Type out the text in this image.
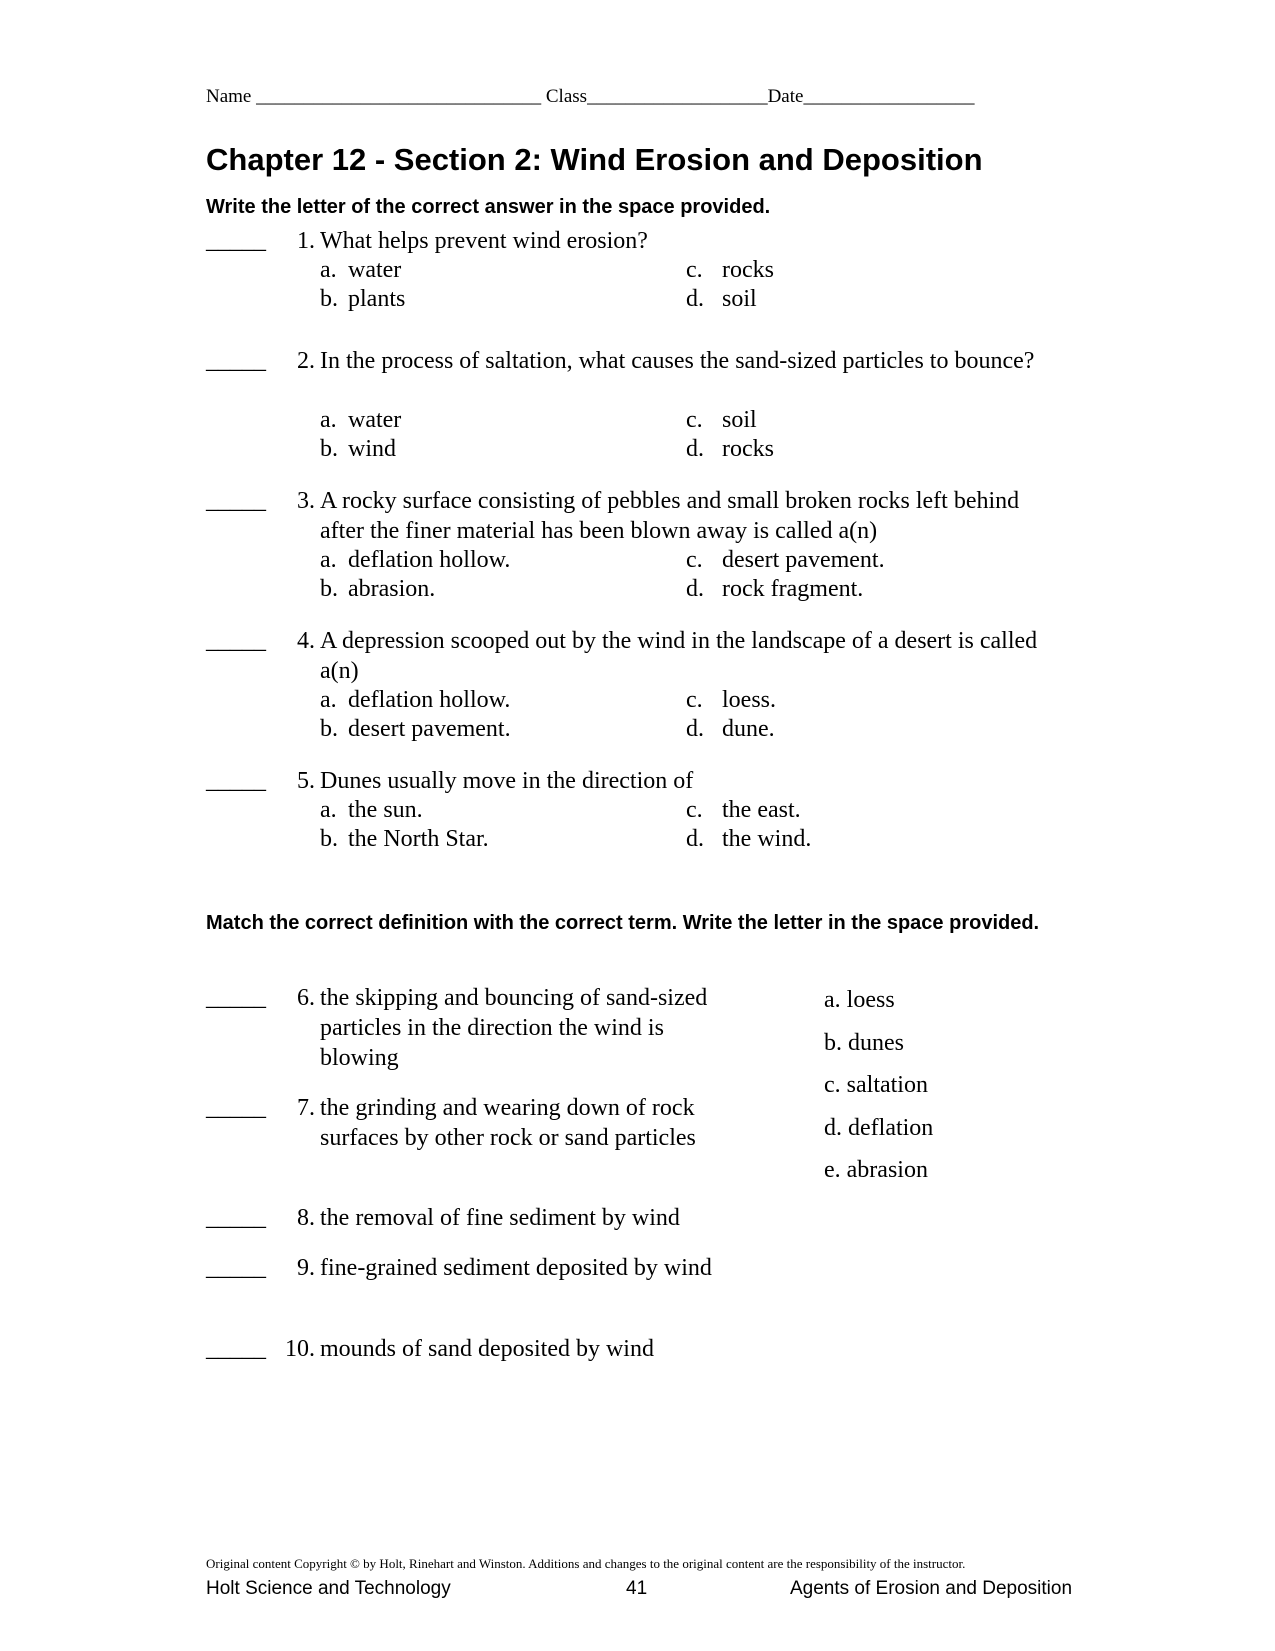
Name ______________________________ Class___________________Date__________________
Chapter 12 - Section 2: Wind Erosion and Deposition
Write the letter of the correct answer in the space provided.
_____ 1. What helps prevent wind erosion?
a. water
b. plants
c. rocks
d. soil
_____ 2. In the process of saltation, what causes the sand-sized particles to bounce?
a. water
b. wind
c. soil
d. rocks
_____ 3. A rocky surface consisting of pebbles and small broken rocks left behind after the finer material has been blown away is called a(n)
a. deflation hollow.
b. abrasion.
c. desert pavement.
d. rock fragment.
_____ 4. A depression scooped out by the wind in the landscape of a desert is called a(n)
a. deflation hollow.
b. desert pavement.
c. loess.
d. dune.
_____ 5. Dunes usually move in the direction of
a. the sun.
b. the North Star.
c. the east.
d. the wind.
Match the correct definition with the correct term. Write the letter in the space provided.
_____ 6. the skipping and bouncing of sand-sized particles in the direction the wind is blowing
_____ 7. the grinding and wearing down of rock surfaces by other rock or sand particles
_____ 8. the removal of fine sediment by wind
_____ 9. fine-grained sediment deposited by wind
_____ 10. mounds of sand deposited by wind
a. loess
b. dunes
c. saltation
d. deflation
e. abrasion
Original content Copyright © by Holt, Rinehart and Winston. Additions and changes to the original content are the responsibility of the instructor.
Holt Science and Technology	41	Agents of Erosion and Deposition
